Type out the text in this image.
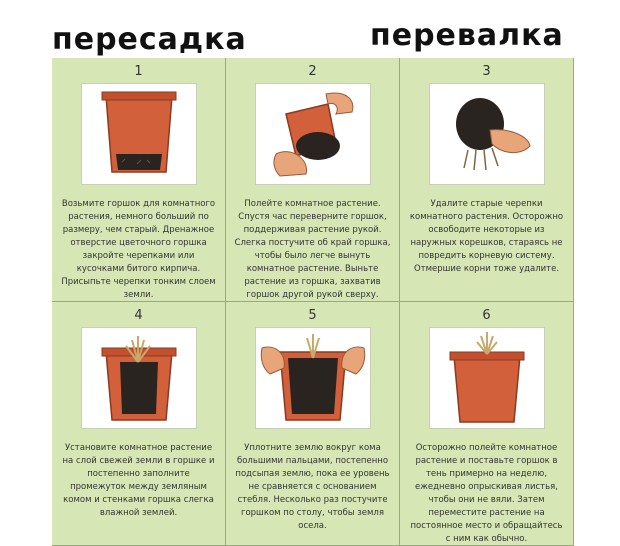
пересадка	перевалка
1
Возьмите горшок для комнатного растения, немного больший по размеру, чем старый. Дренажное отверстие цветочного горшка закройте черепками или кусочками битого кирпича. Присыпьте черепки тонким слоем земли.
2
Полейте комнатное растение. Спустя час переверните горшок, поддерживая растение рукой. Слегка постучите об край горшка, чтобы было легче вынуть комнатное растение. Выньте растение из горшка, захватив горшок другой рукой сверху.
3
Удалите старые черепки комнатного растения. Осторожно освободите некоторые из наружных корешков, стараясь не повредить корневую систему. Отмершие корни тоже удалите.
4
Установите комнатное растение на слой свежей земли в горшке и постепенно заполните промежуток между земляным комом и стенками горшка слегка влажной землей.
5
Уплотните землю вокруг кома большими пальцами, постепенно подсыпая землю, пока ее уровень не сравняется с основанием стебля. Несколько раз постучите горшком по столу, чтобы земля осела.
6
Осторожно полейте комнатное растение и поставьте горшок в тень примерно на неделю, ежедневно опрыскивая листья, чтобы они не вяли. Затем переместите растение на постоянное место и обращайтесь с ним как обычно.
